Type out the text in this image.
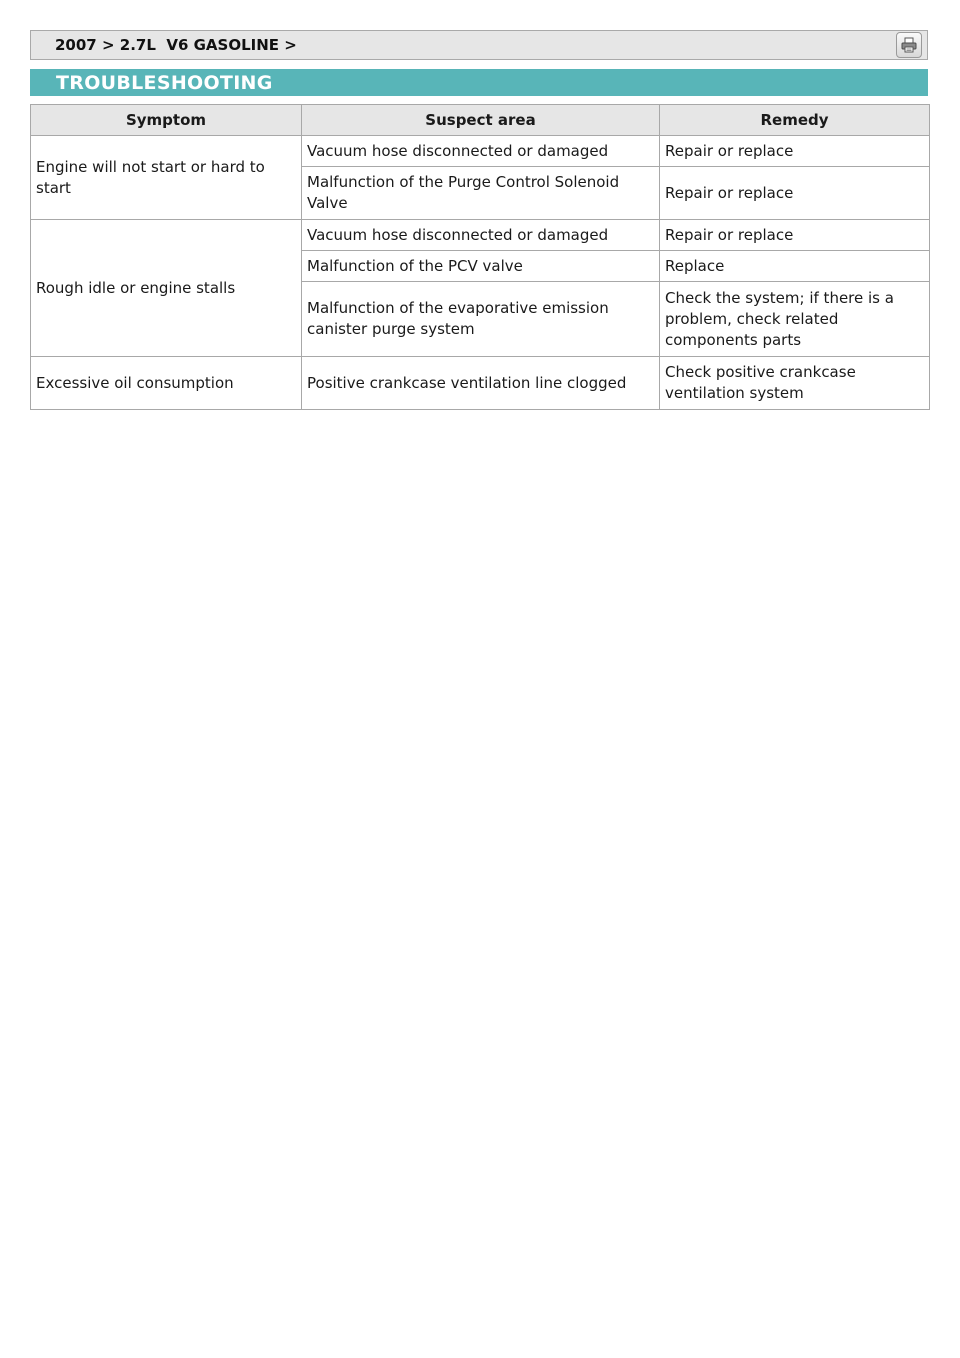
2007 > 2.7L  V6 GASOLINE >
TROUBLESHOOTING
Symptom	Suspect area	Remedy
Engine will not start or hard to start	Vacuum hose disconnected or damaged	Repair or replace
	Malfunction of the Purge Control Solenoid Valve	Repair or replace
Rough idle or engine stalls	Vacuum hose disconnected or damaged	Repair or replace
	Malfunction of the PCV valve	Replace
	Malfunction of the evaporative emission canister purge system	Check the system; if there is a problem, check related components parts
Excessive oil consumption	Positive crankcase ventilation line clogged	Check positive crankcase ventilation system
